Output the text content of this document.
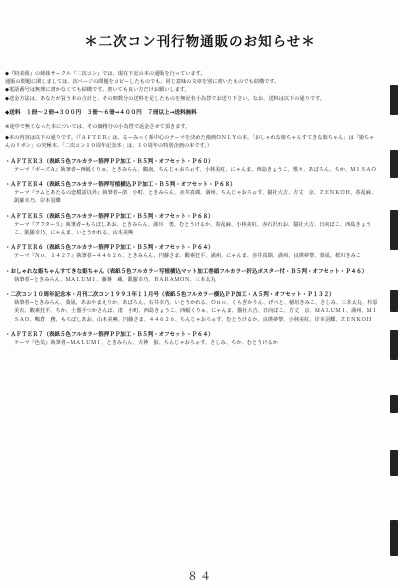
＊二次コン刊行物通販のお知らせ＊

◆『時美組』の姉妹サークル『二次コン』では、現在下記の本の通販を行っています。

通販の問題に関しましては、次ページの問題をコピーしたものでも、同じ意味の文章を別に書いたものでも結構です。

◆電話番号は無理に書かなくても結構です。書いても良い方だけお願いします。

◆送金方法は、あなたが買う本の合計と、その冊数分の送料を足したものを無記名小為替でお送り下さい。なお、送料は以下の通りです。

◆送料　１冊〜２冊→３００円　３冊〜６冊→４００円　７冊以上→送料無料

※途中で無くなった本については、その価格分の小為替で返金させて頂きます。

◆本の内容は以下の通りです。（『ＡＦＴＥＲ』は、るーみっく系中心のテーマを決めた漫画ＯＮＬＹの本。「おしゃれな姫ちゃんすてきな姫ちゃん」は「姫ちゃんのリボン」の究極本。「二次コン１０周年記念本」は、１０周年の特別企画の本です。）

・ＡＦＴＥＲ３（表紙５色フルカラー箔押ＰＰ加工・Ｂ５判・オフセット・Ｐ６０）
テーマ『ボーズＡ』執筆者−西幅くりゅ、ときみらん、鶴南、ちんじゃおろぉす、小林美紅、にゃんま、西島きょうこ、歌々、あぼろん、ちか、ＭＩＳＡＯ
・ＡＦＴＥＲ４（表紙５色フルカラー箔押写植横込ＰＰ加工・Ｂ５判・オフセット・Ｐ６８）
テーマ『ラムとあたるの恋模話以外』執筆者−渚　小町、ときみらん、赤井真瑚、満州、ちんじゃおろぉす、猫社大吉、方丈　京、ＺＥＮＫＯＨ、春乱麻、凱羅幸乃、岸本羽蝶
・ＡＦＴＥＲ５（表紙５色フルカラー箔押ＰＰ加工・Ｂ５判・オフセット・Ｐ６８）
テーマ『アフター５』執筆者−もろぼしあお、ときみらん、満川　勇、むとうけるか、春乱麻、小林美紅、赤石沢れお、猫社大吉、日向ぼこ、西島きょうこ、凱羅幸乃、にゃんま、いとうかれる、山木美喚
・ＡＦＴＥＲ６（表紙５色フルカラー箔押ＰＰ加工・Ｂ５判・オフセット・Ｐ６４）
テーマ『Ｎｏ．１４２７』執筆者−４４６２６、ときみらん、円藤さま、酸素狂平、満州、にゃんま、赤井真瑚、満州、良瑛夢黎、葵凪、桜川きみこ
・おしゃれな姫ちゃんすてきな姫ちゃん（表紙５色フルカラー写植横込マット加工巻頭フルカラー折込ポスター付・Ｂ５判・オフセット・Ｐ４６）
執筆者−ときみらん、ＭＡＬＵＭＩ、藤蒋　蔵、凱羅幸乃、ＢＡＲＡＭＯＮ、三本太丸
・二次コン１０周年記念本・月刊二次コン１９９３年１１月号（表紙５色フルカラー横込ＰＰ加工・Ａ５判・オフセット・Ｐ１３２）
執筆者−ときみらん、葵凪、あおやまえりか、あぼろん、石井幸乃、いとうかれる、Ｏｎｏ、くらぎかりん、げべと、稲垣きみこ、さしみ、三本太丸、杉原美衣、酸素狂平、ちか、土器手つかさんば、渚　小町、西島きょうこ、西幅くりゅ、にゃんま、猫社大吉、日向ぼこ、方丈　京、ＭＡＬＵＭＩ、満州、ＭＩＳＡＯ、鴨倉　務、もろぼしあお、山木美喚、円藤さま、４４６２６、ちんじゃおろぉす、むとうけるか、良瑛夢黎、小林美紅、岸本羽蝶、ＺＥＮＫＯＨ
・ＡＦＴＥＲ７（表紙５色フルカラー箔押ＰＰ加工・Ｂ５判・オフセット・Ｐ６４）
テーマ『色気』執筆者−ＭＡＬＵＭＩ、ときみらん、犬神　狼、ちんじゃおろぉす、さしみ、ちか、むとうけるか
８４
